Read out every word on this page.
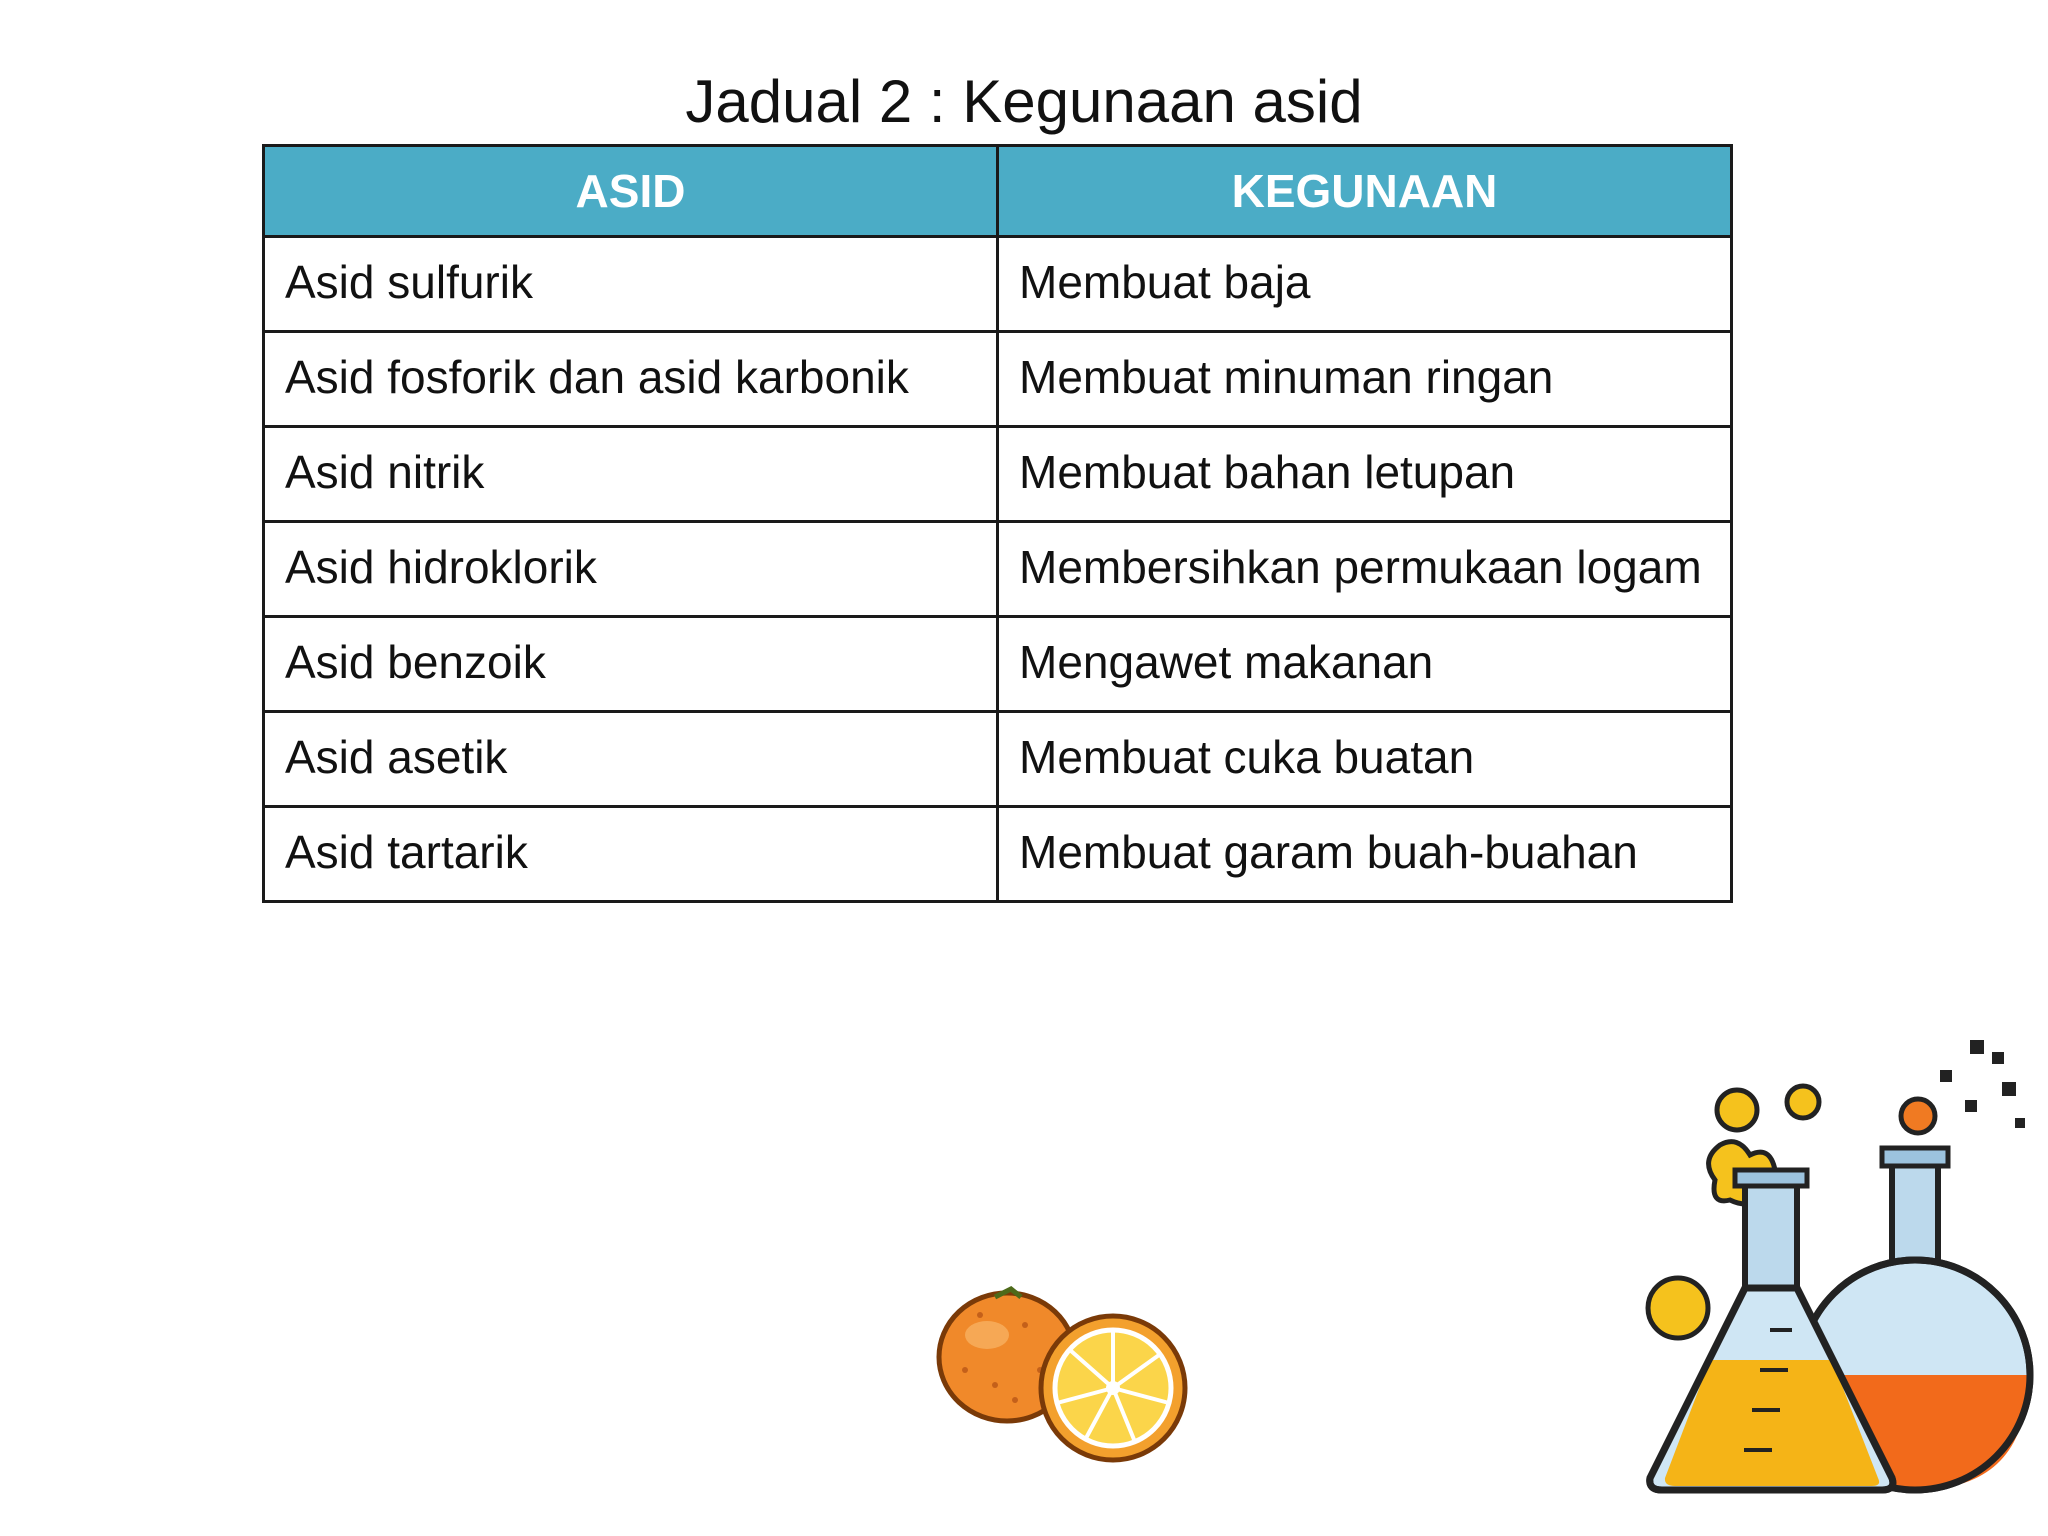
Jadual 2 : Kegunaan asid
ASID	KEGUNAAN
Asid sulfurik	Membuat baja
Asid fosforik dan asid karbonik	Membuat minuman ringan
Asid nitrik	Membuat bahan letupan
Asid hidroklorik	Membersihkan permukaan logam
Asid benzoik	Mengawet makanan
Asid asetik	Membuat cuka buatan
Asid tartarik	Membuat garam buah-buahan
